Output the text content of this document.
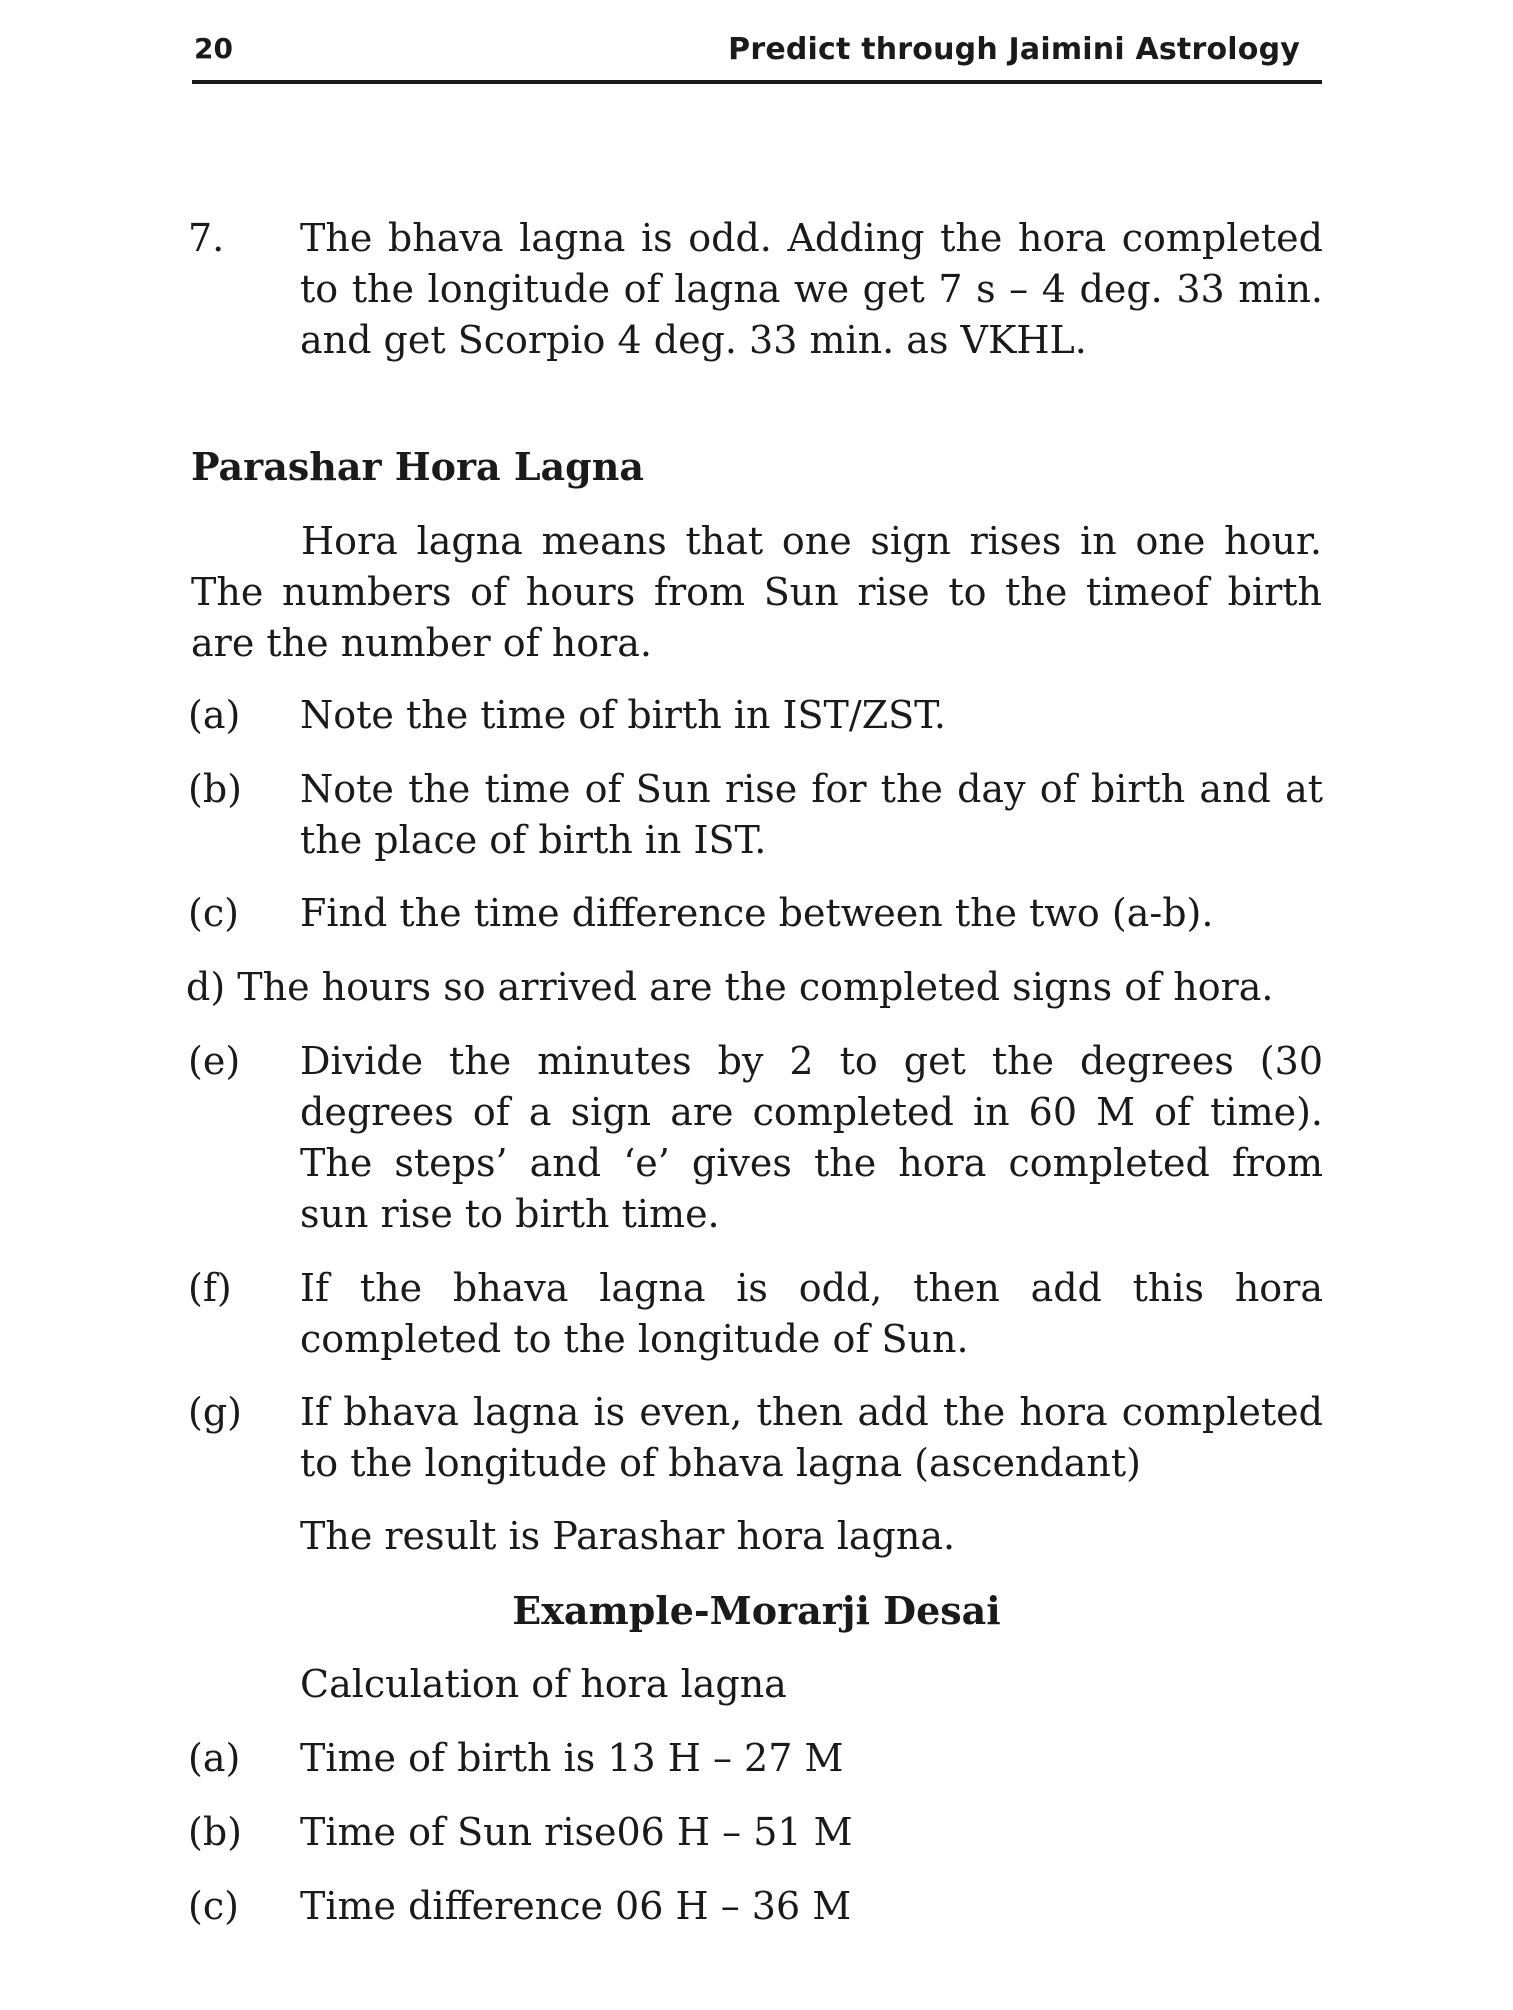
20	Predict through Jaimini Astrology
7. The bhava lagna is odd. Adding the hora completed to the longitude of lagna we get 7 s – 4 deg. 33 min. and get Scorpio 4 deg. 33 min. as VKHL.
Parashar Hora Lagna
Hora lagna means that one sign rises in one hour. The numbers of hours from Sun rise to the timeof birth are the number of hora.
(a) Note the time of birth in IST/ZST.
(b) Note the time of Sun rise for the day of birth and at the place of birth in IST.
(c) Find the time difference between the two (a-b).
d) The hours so arrived are the completed signs of hora.
(e) Divide the minutes by 2 to get the degrees (30 degrees of a sign are completed in 60 M of time). The steps’ and ‘e’ gives the hora completed from sun rise to birth time.
(f) If the bhava lagna is odd, then add this hora completed to the longitude of Sun.
(g) If bhava lagna is even, then add the hora completed to the longitude of bhava lagna (ascendant)
The result is Parashar hora lagna.
Example-Morarji Desai
Calculation of hora lagna
(a) Time of birth is 13 H – 27 M
(b) Time of Sun rise06 H – 51 M
(c) Time difference 06 H – 36 M
